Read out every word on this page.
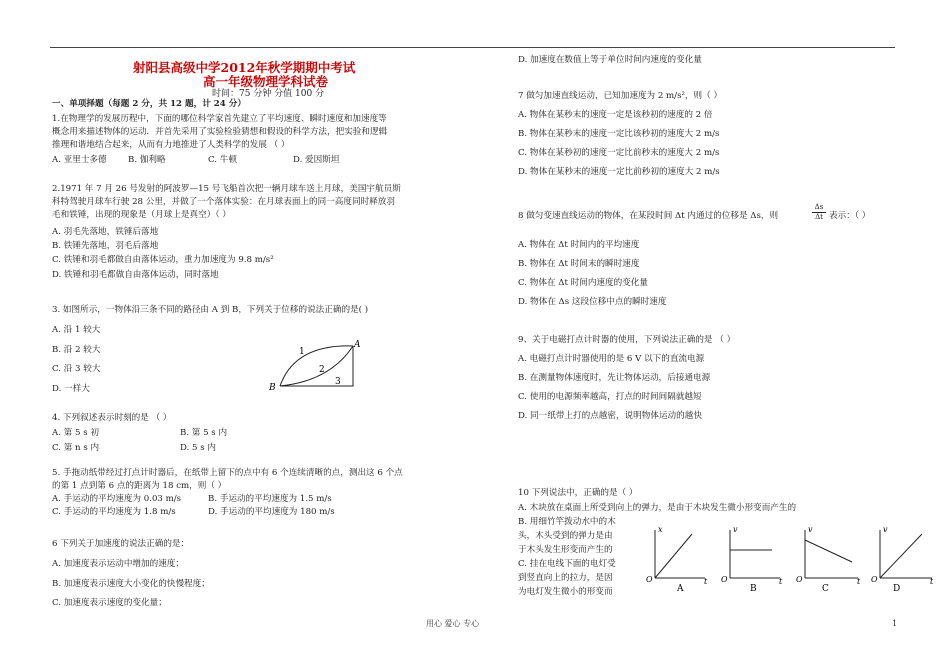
射阳县高级中学2012年秋学期期中考试
高一年级物理学科试卷
时间：75 分钟 分值 100 分
一、单项择题（每题 2 分，共 12 题，计 24 分）
1.在物理学的发展历程中，下面的哪位科学家首先建立了平均速度、瞬时速度和加速度等
概念用来描述物体的运动．并首先采用了实验检验猜想和假设的科学方法，把实验和逻辑
推理和谐地结合起来，从而有力地推进了人类科学的发展 （ ）
A. 亚里士多德 B. 伽利略	C. 牛顿	D. 爱因斯坦
2.1971 年 7 月 26 号发射的阿波罗—15 号飞船首次把一辆月球车送上月球，美国宇航员斯
科特驾驶月球车行驶 28 公里，并做了一个落体实验：在月球表面上的同一高度同时释放羽
毛和铁锤，出现的现象是（月球上是真空）（ ）
A. 羽毛先落地，铁锤后落地
B. 铁锤先落地，羽毛后落地
C. 铁锤和羽毛都做自由落体运动，重力加速度为 9.8 m/s²
D. 铁锤和羽毛都做自由落体运动，同时落地
3. 如图所示，一物体沿三条不同的路径由 A 到 B，下列关于位移的说法正确的是( )
A. 沿 1 较大
B. 沿 2 较大
C. 沿 3 较大
D. 一样大
A
B
1
2
3
4. 下列叙述表示时刻的是 （ ）
A. 第 5 s 初	B. 第 5 s 内
C. 第 n s 内	D. 5 s 内
5. 手拖动纸带经过打点计时器后，在纸带上留下的点中有 6 个连续清晰的点，测出这 6 个点
的第 1 点到第 6 点的距离为 18 cm，则（ ）
A. 手运动的平均速度为 0.03 m/s	B. 手运动的平均速度为 1.5 m/s
C. 手运动的平均速度为 1.8 m/s	D. 手运动的平均速度为 180 m/s
6 下列关于加速度的说法正确的是：
A. 加速度表示运动中增加的速度；
B. 加速度表示速度大小变化的快慢程度；
C. 加速度表示速度的变化量；
D. 加速度在数值上等于单位时间内速度的变化量
7 做匀加速直线运动，已知加速度为 2 m/s²，则（ ）
A. 物体在某秒末的速度一定是该秒初的速度的 2 倍
B. 物体在某秒末的速度一定比该秒初的速度大 2 m/s
C. 物体在某秒初的速度一定比前秒末的速度大 2 m/s
D. 物体在某秒末的速度一定比前秒初的速度大 2 m/s
8 做匀变速直线运动的物体，在某段时间 Δt 内通过的位移是 Δs，则	$\frac{\Delta s}{\Delta t}$ 表示：（ ）
A. 物体在 Δt 时间内的平均速度
B. 物体在 Δt 时间末的瞬时速度
C. 物体在 Δt 时间内速度的变化量
D. 物体在 Δs 这段位移中点的瞬时速度
9、关于电磁打点计时器的使用，下列说法正确的是 （ ）
A. 电磁打点计时器使用的是 6 V 以下的直流电源
B. 在测量物体速度时，先让物体运动，后接通电源
C. 使用的电源频率越高，打点的时间间隔就越短
D. 同一纸带上打的点越密，说明物体运动的越快
10 下列说法中，正确的是（ ）
A. 木块放在桌面上所受到向上的弹力，是由于木块发生微小形变而产生的
B. 用细竹竿拨动水中的木
头，木头受到的弹力是由
于木头发生形变而产生的
C. 挂在电线下面的电灯受
到竖直向上的拉力，是因
为电灯发生微小的形变而
x
O	t
A
v
O	t
B
v
O	t
C
v
O	t
D
用心 爱心 专心	1
